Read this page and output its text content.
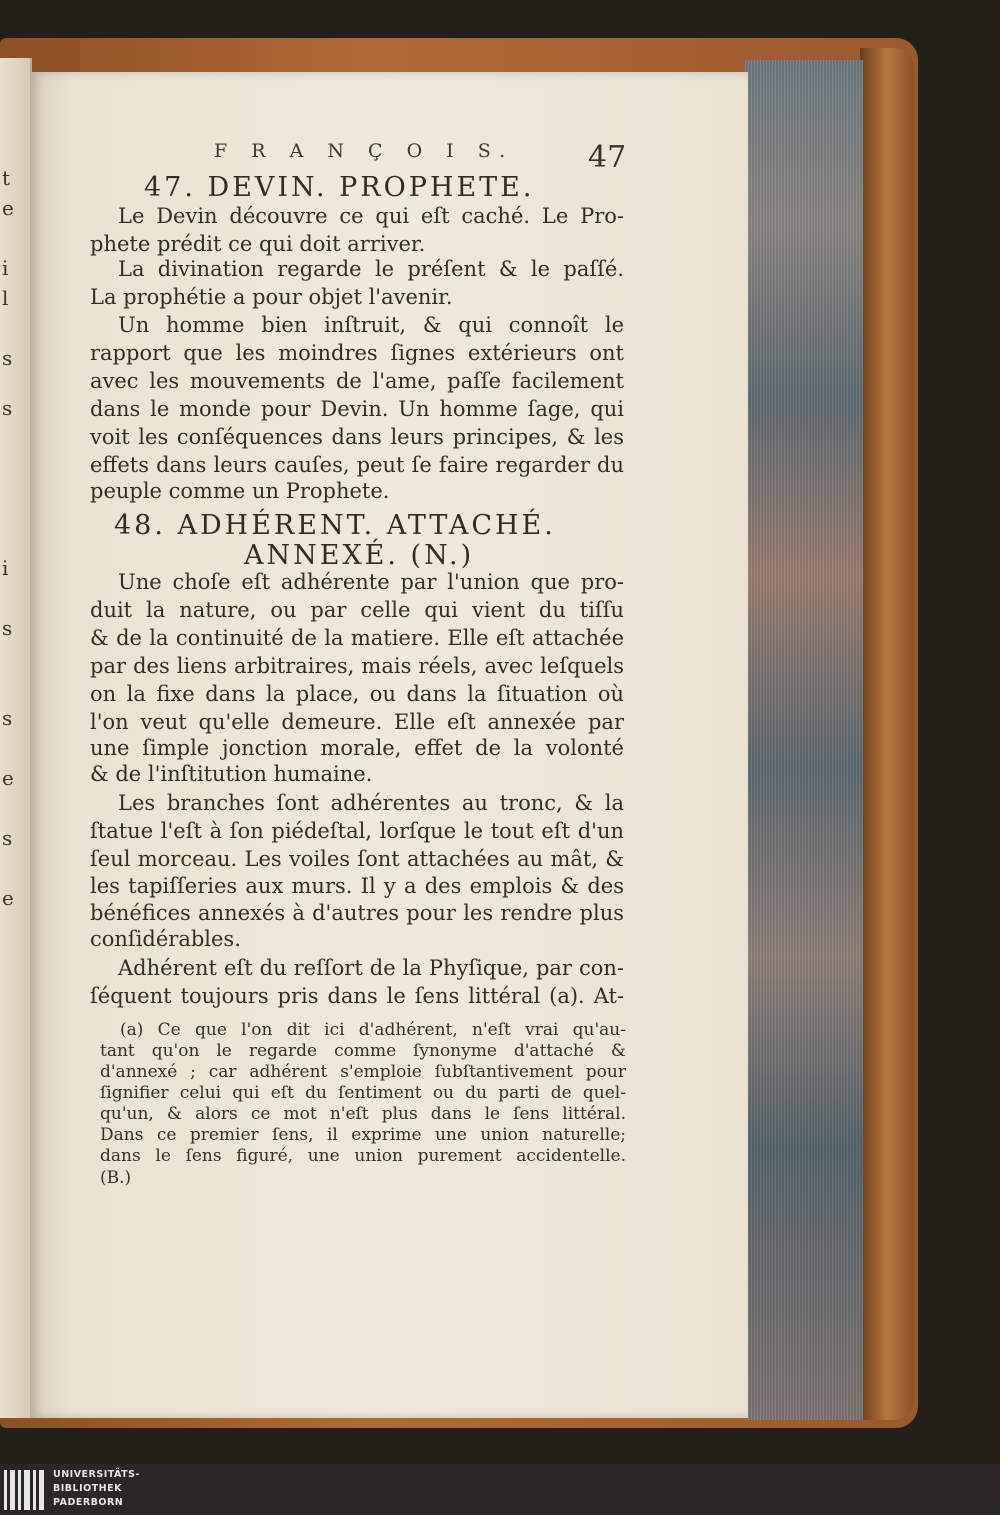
t
e
i
l
s
s
i
s
s
e
s
e
F R A N Ç O I S. 47
47. DEVIN. PROPHETE.
Le Devin découvre ce qui eſt caché. Le Pro-
phete prédit ce qui doit arriver.
La divination regarde le préſent & le paſſé.
La prophétie a pour objet l'avenir.
Un homme bien inſtruit, & qui connoît le
rapport que les moindres ſignes extérieurs ont
avec les mouvements de l'ame, paſſe facilement
dans le monde pour Devin. Un homme ſage, qui
voit les conſéquences dans leurs principes, & les
effets dans leurs cauſes, peut ſe faire regarder du
peuple comme un Prophete.
48. ADHÉRENT. ATTACHÉ.
ANNEXÉ. (N.)
Une choſe eſt adhérente par l'union que pro-
duit la nature, ou par celle qui vient du tiſſu
& de la continuité de la matiere. Elle eſt attachée
par des liens arbitraires, mais réels, avec leſquels
on la fixe dans la place, ou dans la ſituation où
l'on veut qu'elle demeure. Elle eſt annexée par
une ſimple jonction morale, effet de la volonté
& de l'inſtitution humaine.
Les branches ſont adhérentes au tronc, & la
ſtatue l'eſt à ſon piédeſtal, lorſque le tout eſt d'un
ſeul morceau. Les voiles ſont attachées au mât, &
les tapiſſeries aux murs. Il y a des emplois & des
bénéfices annexés à d'autres pour les rendre plus
conſidérables.
Adhérent eſt du reſſort de la Phyſique, par con-
ſéquent toujours pris dans le ſens littéral (a). At-
(a) Ce que l'on dit ici d'adhérent, n'eſt vrai qu'au-
tant qu'on le regarde comme ſynonyme d'attaché &
d'annexé ; car adhérent s'emploie ſubſtantivement pour
ſignifier celui qui eſt du ſentiment ou du parti de quel-
qu'un, & alors ce mot n'eſt plus dans le ſens littéral.
Dans ce premier ſens, il exprime une union naturelle;
dans le ſens figuré, une union purement accidentelle.
(B.)
UNIVERSITÄTS-
BIBLIOTHEK
PADERBORN
